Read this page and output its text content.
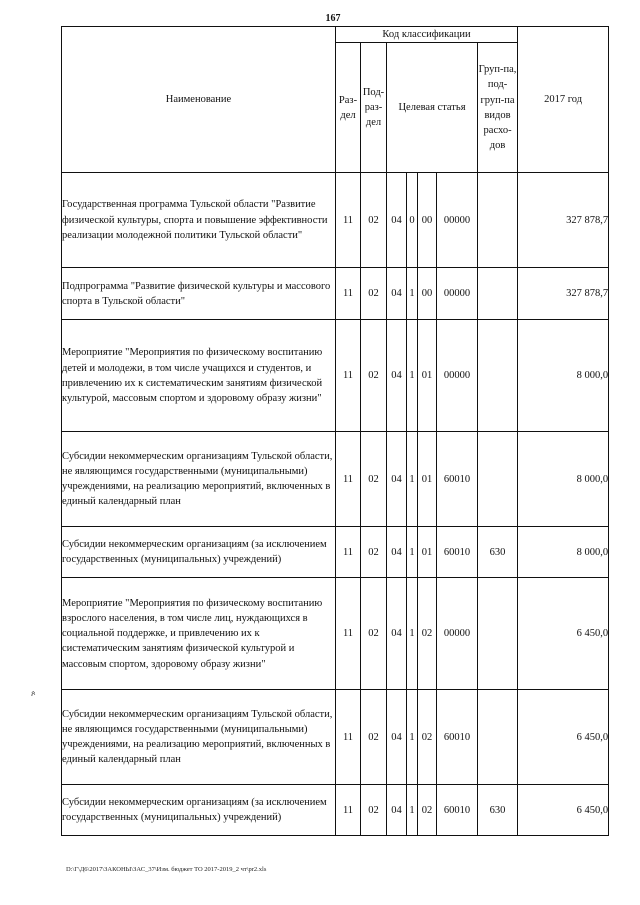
167
Наименование	Код классификации							2017 год
	Раз-дел	Под-раз-дел	Целевая статья				Груп-па, под-груп-па видов расхо-дов	
Государственная программа Тульской области "Развитие физической культуры, спорта и повышение эффективности реализации молодежной политики Тульской области"	11	02	04	0	00	00000		327 878,7
Подпрограмма "Развитие физической культуры и массового спорта в Тульской области"	11	02	04	1	00	00000		327 878,7
Мероприятие "Мероприятия по физическому воспитанию детей и молодежи, в том числе учащихся и студентов, и привлечению их к систематическим занятиям физической культурой, массовым спортом и здоровому образу жизни"	11	02	04	1	01	00000		8 000,0
Субсидии некоммерческим организациям Тульской области, не являющимся государственными (муниципальными) учреждениями, на реализацию мероприятий, включенных в единый календарный план	11	02	04	1	01	60010		8 000,0
Субсидии некоммерческим организациям (за исключением государственных (муниципальных) учреждений)	11	02	04	1	01	60010	630	8 000,0
Мероприятие "Мероприятия по физическому воспитанию взрослого населения, в том числе лиц, нуждающихся в социальной поддержке, и привлечению их к систематическим занятиям физической культурой и массовым спортом, здоровому образу жизни"	11	02	04	1	02	00000		6 450,0
Субсидии некоммерческим организациям Тульской области, не являющимся государственными (муниципальными) учреждениями, на реализацию мероприятий, включенных в единый календарный план	11	02	04	1	02	60010		6 450,0
Субсидии некоммерческим организациям (за исключением государственных (муниципальных) учреждений)	11	02	04	1	02	60010	630	6 450,0
ጶ
D:\Г\Д6\2017\ЗАКОНЫ\ЗАС_37\Изм. бюджет ТО 2017-2019_2 чт\pr2.xls
